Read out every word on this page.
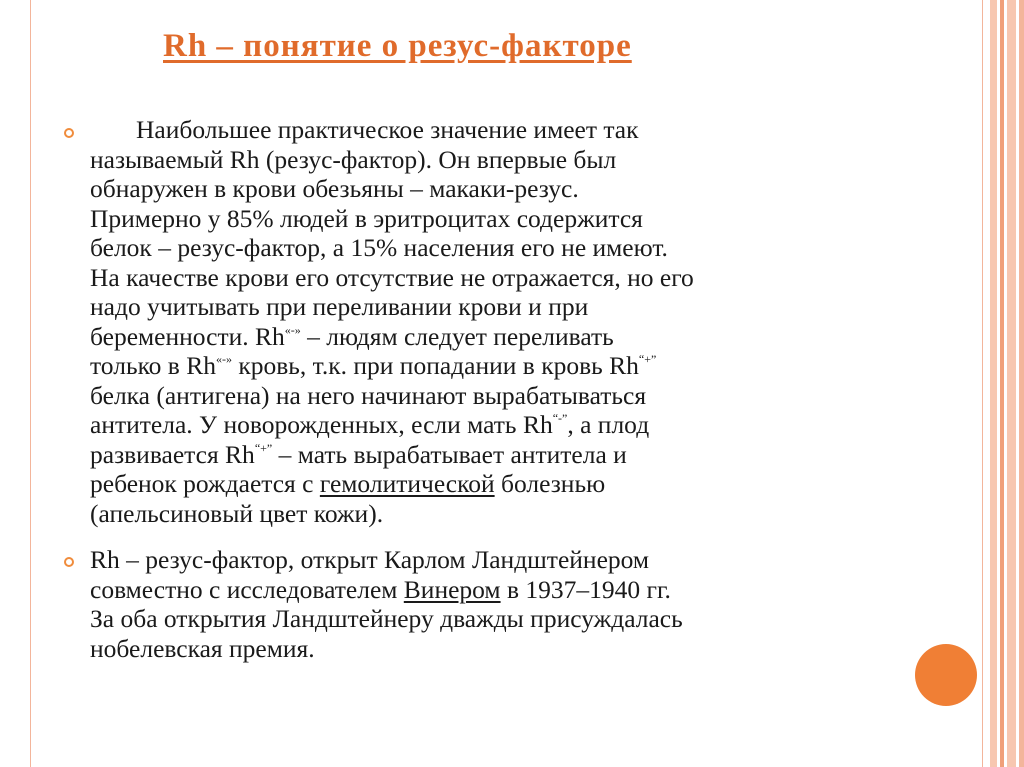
Rh – понятие о резус-факторе

Наибольшее практическое значение имеет так
называемый Rh (резус-фактор). Он впервые был
обнаружен в крови обезьяны – макаки-резус.
Примерно у 85% людей в эритроцитах содержится
белок – резус-фактор, а 15% населения его не имеют.
На качестве крови его отсутствие не отражается, но его
надо учитывать при переливании крови и при
беременности. Rh«-» – людям следует переливать
только в Rh«-» кровь, т.к. при попадании в кровь Rh“+”
белка (антигена) на него начинают вырабатываться
антитела. У новорожденных, если мать Rh“-”, а плод
развивается Rh“+” – мать вырабатывает антитела и
ребенок рождается с гемолитической болезнью
(апельсиновый цвет кожи).

Rh – резус-фактор, открыт Карлом Ландштейнером
совместно с исследователем Винером в 1937–1940 гг.
За оба открытия Ландштейнеру дважды присуждалась
нобелевская премия.
